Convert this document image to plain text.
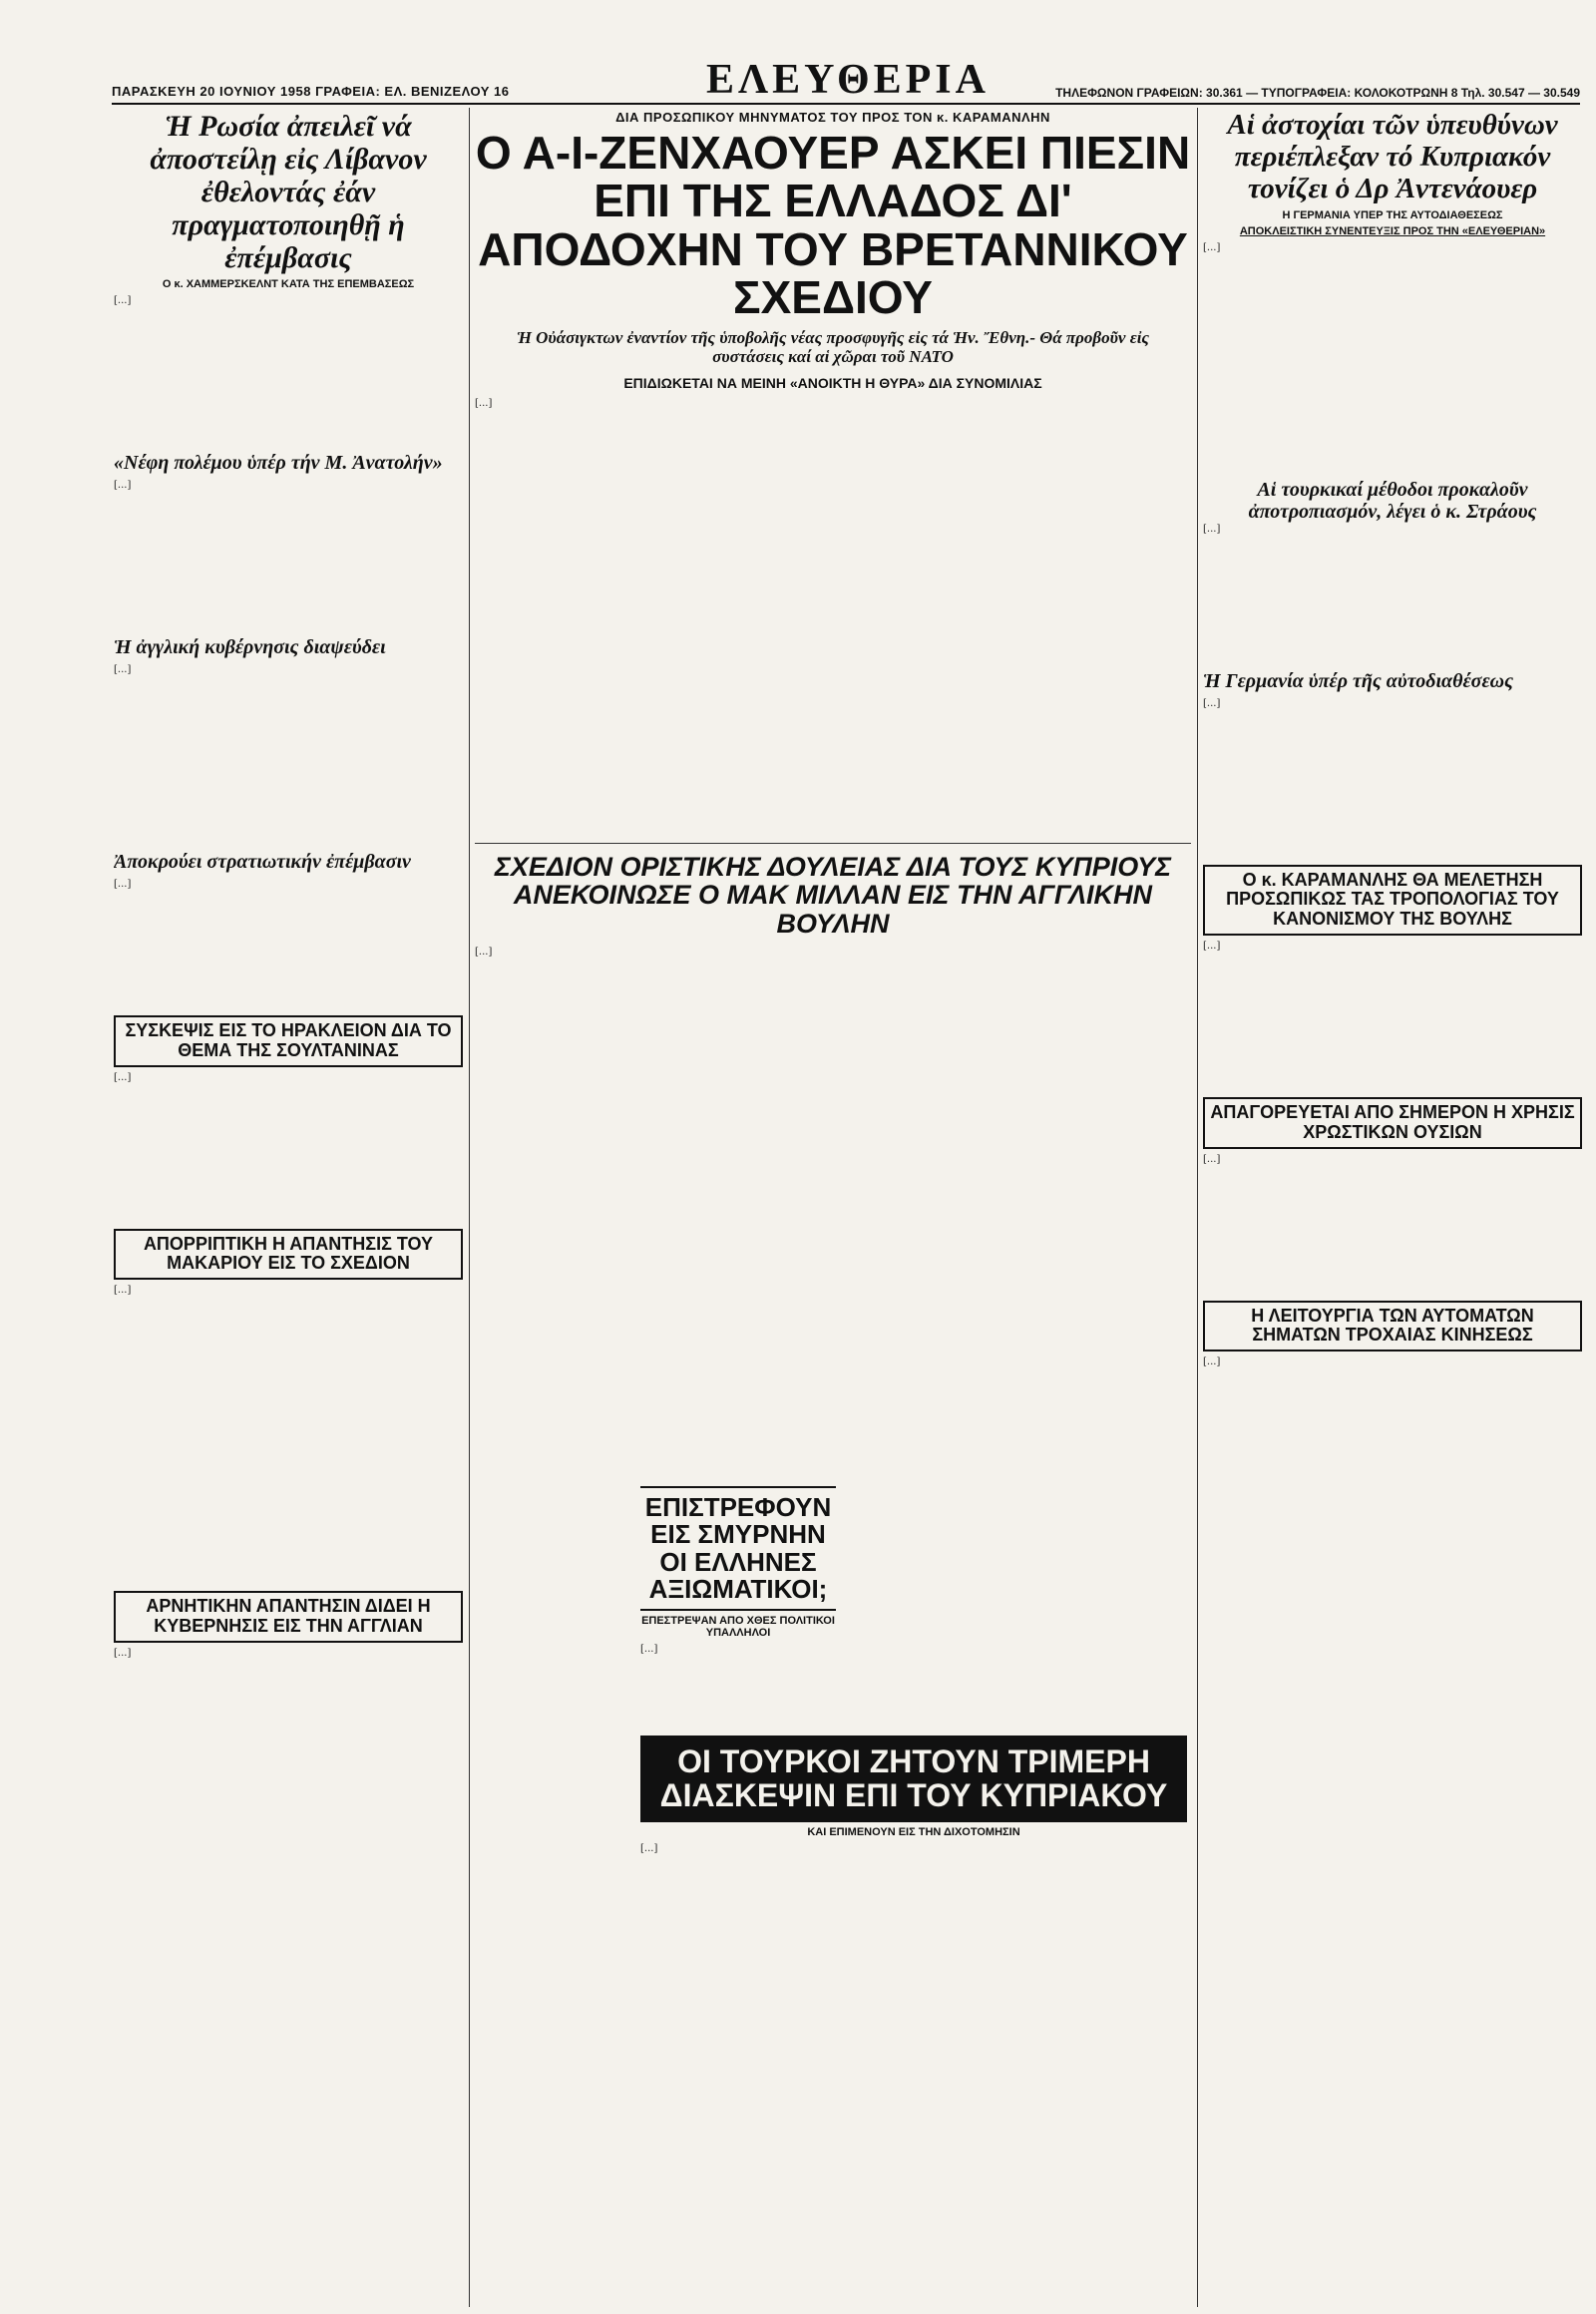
ΠΑΡΑΣΚΕΥΗ 20 ΙΟΥΝΙΟΥ 1958 ΓΡΑΦΕΙΑ: ΕΛ. ΒΕΝΙΖΕΛΟΥ 16	ΕΛΕΥΘΕΡΙΑ	ΤΗΛΕΦΩΝΟΝ ΓΡΑΦΕΙΩΝ: 30.361 — ΤΥΠΟΓΡΑΦΕΙΑ: ΚΟΛΟΚΟΤΡΩΝΗ 8 Τηλ. 30.547 — 30.549
Ἡ Ρωσία ἀπειλεῖ νά ἀποστείλῃ εἰς Λίβανον ἐθελοντάς ἐάν πραγματοποιηθῇ ἡ ἐπέμβασις
Ο κ. ΧΑΜΜΕΡΣΚΕΛΝΤ ΚΑΤΑ ΤΗΣ ΕΠΕΜΒΑΣΕΩΣ
[...]
«Νέφη πολέμου ὑπέρ τήν Μ. Ἀνατολήν»
[...]
Ἡ ἀγγλική κυβέρνησις διαψεύδει
[...]
Ἀποκρούει στρατιωτικήν ἐπέμβασιν
[...]
ΣΥΣΚΕΨΙΣ ΕΙΣ ΤΟ ΗΡΑΚΛΕΙΟΝ ΔΙΑ ΤΟ ΘΕΜΑ ΤΗΣ ΣΟΥΛΤΑΝΙΝΑΣ
[...]
ΑΠΟΡΡΙΠΤΙΚΗ Η ΑΠΑΝΤΗΣΙΣ ΤΟΥ ΜΑΚΑΡΙΟΥ ΕΙΣ ΤΟ ΣΧΕΔΙΟΝ
[...]
ΑΡΝΗΤΙΚΗΝ ΑΠΑΝΤΗΣΙΝ ΔΙΔΕΙ Η ΚΥΒΕΡΝΗΣΙΣ ΕΙΣ ΤΗΝ ΑΓΓΛΙΑΝ
[...]
ΔΙΑ ΠΡΟΣΩΠΙΚΟΥ ΜΗΝΥΜΑΤΟΣ ΤΟΥ ΠΡΟΣ ΤΟΝ κ. ΚΑΡΑΜΑΝΛΗΝ
Ο Α-Ι-ΖΕΝΧΑΟΥΕΡ ΑΣΚΕΙ ΠΙΕΣΙΝ ΕΠΙ ΤΗΣ ΕΛΛΑΔΟΣ ΔΙ' ΑΠΟΔΟΧΗΝ ΤΟΥ ΒΡΕΤΑΝΝΙΚΟΥ ΣΧΕΔΙΟΥ
Ἡ Οὐάσιγκτων ἐναντίον τῆς ὑποβολῆς νέας προσφυγῆς εἰς τά Ἡν. Ἔθνη.- Θά προβοῦν εἰς συστάσεις καί αἱ χῶραι τοῦ ΝΑΤΟ
ΕΠΙΔΙΩΚΕΤΑΙ ΝΑ ΜΕΙΝΗ «ΑΝΟΙΚΤΗ Η ΘΥΡΑ» ΔΙΑ ΣΥΝΟΜΙΛΙΑΣ
[...]
ΣΧΕΔΙΟΝ ΟΡΙΣΤΙΚΗΣ ΔΟΥΛΕΙΑΣ ΔΙΑ ΤΟΥΣ ΚΥΠΡΙΟΥΣ ΑΝΕΚΟΙΝΩΣΕ Ο ΜΑΚ ΜΙΛΛΑΝ ΕΙΣ ΤΗΝ ΑΓΓΛΙΚΗΝ ΒΟΥΛΗΝ
[...]
ΕΠΙΣΤΡΕΦΟΥΝ ΕΙΣ ΣΜΥΡΝΗΝ ΟΙ ΕΛΛΗΝΕΣ ΑΞΙΩΜΑΤΙΚΟΙ;
ΕΠΕΣΤΡΕΨΑΝ ΑΠΟ ΧΘΕΣ ΠΟΛΙΤΙΚΟΙ ΥΠΑΛΛΗΛΟΙ
[...]
ΟΙ ΤΟΥΡΚΟΙ ΖΗΤΟΥΝ ΤΡΙΜΕΡΗ ΔΙΑΣΚΕΨΙΝ ΕΠΙ ΤΟΥ ΚΥΠΡΙΑΚΟΥ
ΚΑΙ ΕΠΙΜΕΝΟΥΝ ΕΙΣ ΤΗΝ ΔΙΧΟΤΟΜΗΣΙΝ
[...]
Αἱ ἀστοχίαι τῶν ὑπευθύνων περιέπλεξαν τό Κυπριακόν τονίζει ὁ Δρ Ἀντενάουερ
Η ΓΕΡΜΑΝΙΑ ΥΠΕΡ ΤΗΣ ΑΥΤΟΔΙΑΘΕΣΕΩΣ
ΑΠΟΚΛΕΙΣΤΙΚΗ ΣΥΝΕΝΤΕΥΞΙΣ ΠΡΟΣ ΤΗΝ «ΕΛΕΥΘΕΡΙΑΝ»
[...]
Αἱ τουρκικαί μέθοδοι προκαλοῦν ἀποτροπιασμόν, λέγει ὁ κ. Στράους
[...]
Ἡ Γερμανία ὑπέρ τῆς αὐτοδιαθέσεως
[...]
Ο κ. ΚΑΡΑΜΑΝΛΗΣ ΘΑ ΜΕΛΕΤΗΣΗ ΠΡΟΣΩΠΙΚΩΣ ΤΑΣ ΤΡΟΠΟΛΟΓΙΑΣ ΤΟΥ ΚΑΝΟΝΙΣΜΟΥ ΤΗΣ ΒΟΥΛΗΣ
[...]
ΑΠΑΓΟΡΕΥΕΤΑΙ ΑΠΟ ΣΗΜΕΡΟΝ Η ΧΡΗΣΙΣ ΧΡΩΣΤΙΚΩΝ ΟΥΣΙΩΝ
[...]
Η ΛΕΙΤΟΥΡΓΙΑ ΤΩΝ ΑΥΤΟΜΑΤΩΝ ΣΗΜΑΤΩΝ ΤΡΟΧΑΙΑΣ ΚΙΝΗΣΕΩΣ
[...]
